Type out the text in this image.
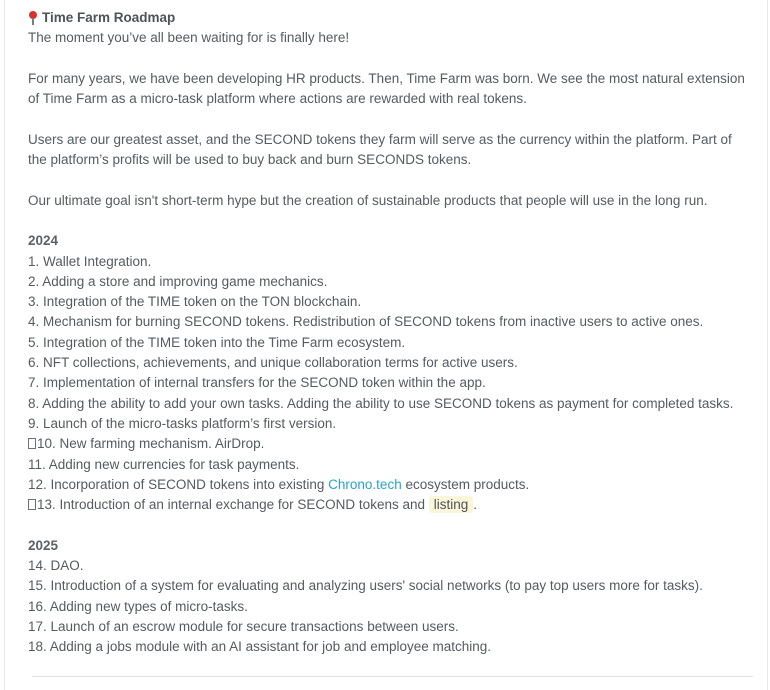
Time Farm Roadmap
The moment you’ve all been waiting for is finally here!
For many years, we have been developing HR products. Then, Time Farm was born. We see the most natural extension
of Time Farm as a micro-task platform where actions are rewarded with real tokens.
Users are our greatest asset, and the SECOND tokens they farm will serve as the currency within the platform. Part of
the platform’s profits will be used to buy back and burn SECONDS tokens.
Our ultimate goal isn't short-term hype but the creation of sustainable products that people will use in the long run.
2024
1. Wallet Integration.
2. Adding a store and improving game mechanics.
3. Integration of the TIME token on the TON blockchain.
4. Mechanism for burning SECOND tokens. Redistribution of SECOND tokens from inactive users to active ones.
5. Integration of the TIME token into the Time Farm ecosystem.
6. NFT collections, achievements, and unique collaboration terms for active users.
7. Implementation of internal transfers for the SECOND token within the app.
8. Adding the ability to add your own tasks. Adding the ability to use SECOND tokens as payment for completed tasks.
9. Launch of the micro-tasks platform’s first version.
10. New farming mechanism. AirDrop.
11. Adding new currencies for task payments.
12. Incorporation of SECOND tokens into existing Chrono.tech ecosystem products.
13. Introduction of an internal exchange for SECOND tokens and listing .
2025
14. DAO.
15. Introduction of a system for evaluating and analyzing users' social networks (to pay top users more for tasks).
16. Adding new types of micro-tasks.
17. Launch of an escrow module for secure transactions between users.
18. Adding a jobs module with an AI assistant for job and employee matching.
